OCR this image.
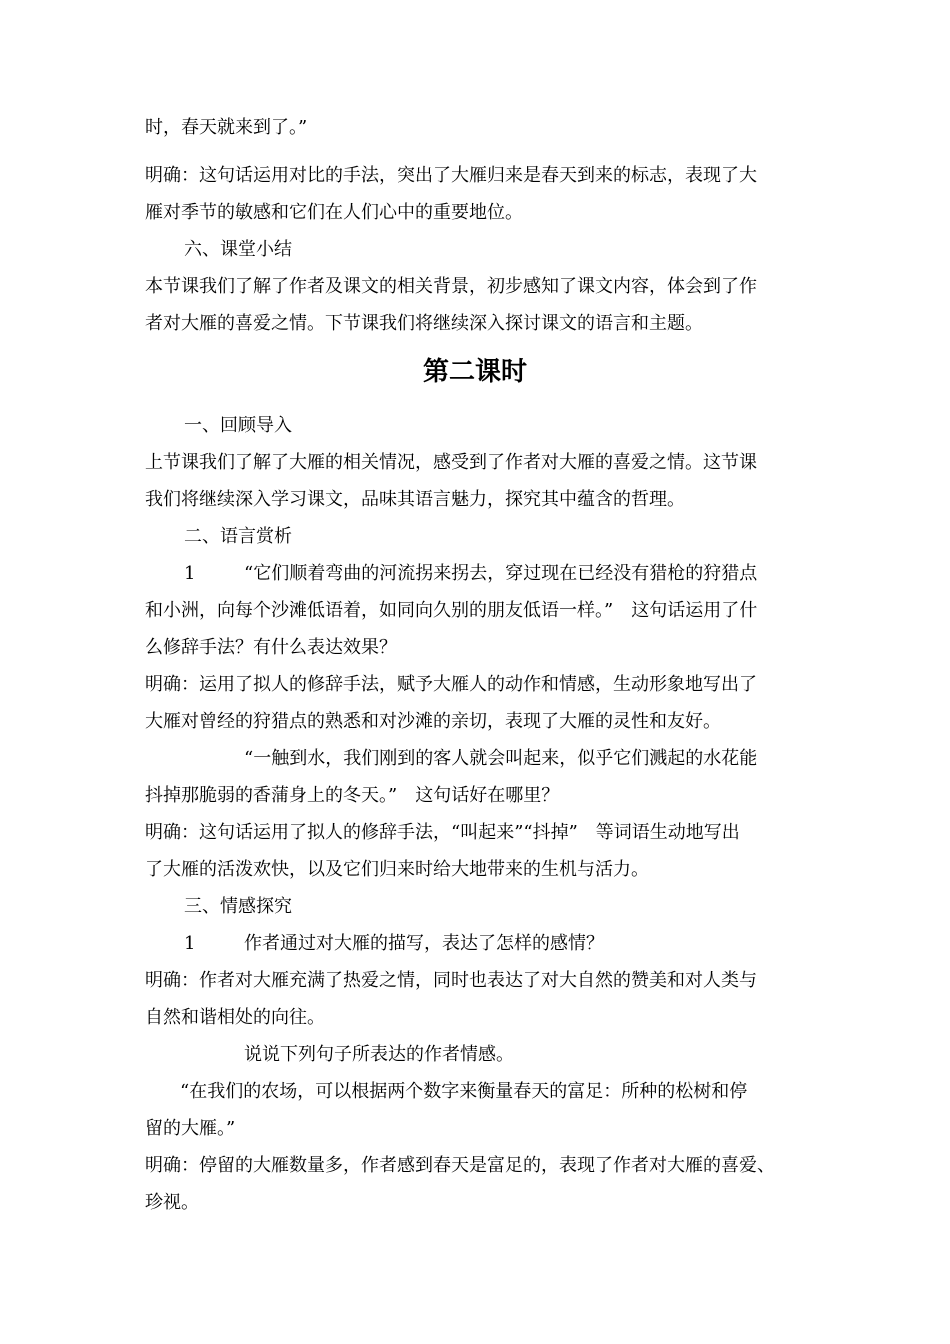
时，春天就来到了。”
明确：这句话运用对比的手法，突出了大雁归来是春天到来的标志，表现了大
雁对季节的敏感和它们在人们心中的重要地位。
六、课堂小结
本节课我们了解了作者及课文的相关背景，初步感知了课文内容，体会到了作
者对大雁的喜爱之情。下节课我们将继续深入探讨课文的语言和主题。
第二课时
一、回顾导入
上节课我们了解了大雁的相关情况，感受到了作者对大雁的喜爱之情。这节课
我们将继续深入学习课文，品味其语言魅力，探究其中蕴含的哲理。
二、语言赏析
1	“它们顺着弯曲的河流拐来拐去，穿过现在已经没有猎枪的狩猎点
和小洲，向每个沙滩低语着，如同向久别的朋友低语一样。”　这句话运用了什
么修辞手法？有什么表达效果？
明确：运用了拟人的修辞手法，赋予大雁人的动作和情感，生动形象地写出了
大雁对曾经的狩猎点的熟悉和对沙滩的亲切，表现了大雁的灵性和友好。
“一触到水，我们刚到的客人就会叫起来，似乎它们溅起的水花能
抖掉那脆弱的香蒲身上的冬天。”　这句话好在哪里？
明确：这句话运用了拟人的修辞手法，“叫起来”“抖掉”　等词语生动地写出
了大雁的活泼欢快，以及它们归来时给大地带来的生机与活力。
三、情感探究
1	作者通过对大雁的描写，表达了怎样的感情？
明确：作者对大雁充满了热爱之情，同时也表达了对大自然的赞美和对人类与
自然和谐相处的向往。
说说下列句子所表达的作者情感。
“在我们的农场，可以根据两个数字来衡量春天的富足：所种的松树和停
留的大雁。”
明确：停留的大雁数量多，作者感到春天是富足的，表现了作者对大雁的喜爱、
珍视。
